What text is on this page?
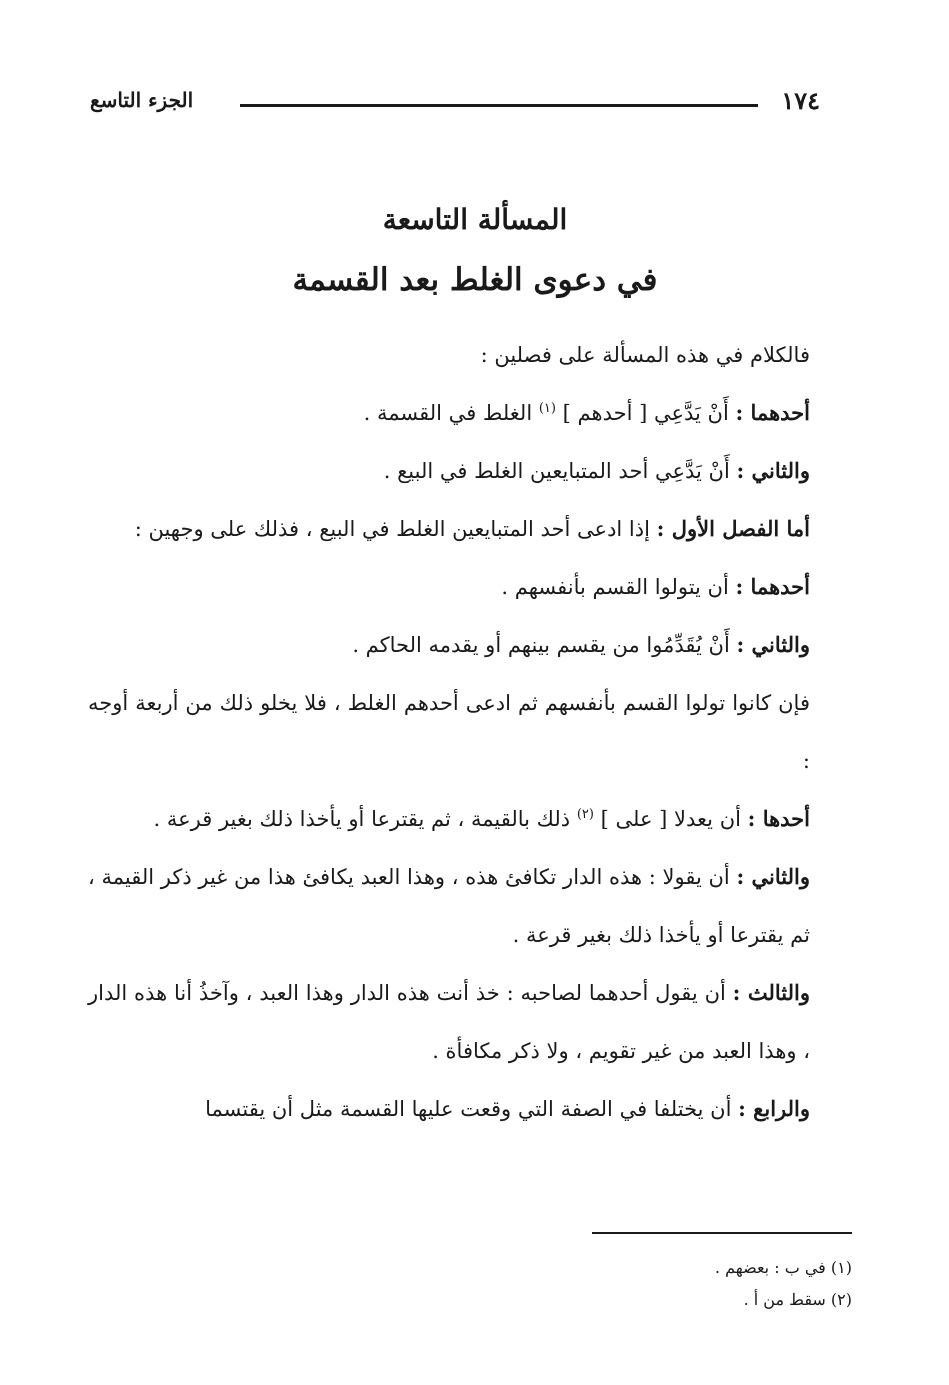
١٧٤
الجزء التاسع
المسألة التاسعة
في دعوى الغلط بعد القسمة

فالكلام في هذه المسألة على فصلين :

أحدهما : أَنْ يَدَّعِي [ أحدهم ] $^{(١)}$ الغلط في القسمة .

والثاني : أَنْ يَدَّعِي أحد المتبايعين الغلط في البيع .

أما الفصل الأول : إذا ادعى أحد المتبايعين الغلط في البيع ، فذلك على وجهين :

أحدهما : أن يتولوا القسم بأنفسهم .

والثاني : أَنْ يُقَدِّمُوا من يقسم بينهم أو يقدمه الحاكم .

فإن كانوا تولوا القسم بأنفسهم ثم ادعى أحدهم الغلط ، فلا يخلو ذلك من أربعة أوجه :

أحدها : أن يعدلا [ على ] $^{(٢)}$ ذلك بالقيمة ، ثم يقترعا أو يأخذا ذلك بغير قرعة .

والثاني : أن يقولا : هذه الدار تكافئ هذه ، وهذا العبد يكافئ هذا من غير ذكر القيمة ، ثم يقترعا أو يأخذا ذلك بغير قرعة .

والثالث : أن يقول أحدهما لصاحبه : خذ أنت هذه الدار وهذا العبد ، وآخذُ أنا هذه الدار ، وهذا العبد من غير تقويم ، ولا ذكر مكافأة .

والرابع : أن يختلفا في الصفة التي وقعت عليها القسمة مثل أن يقتسما

(١) في ب : بعضهم .

(٢) سقط من أ .
